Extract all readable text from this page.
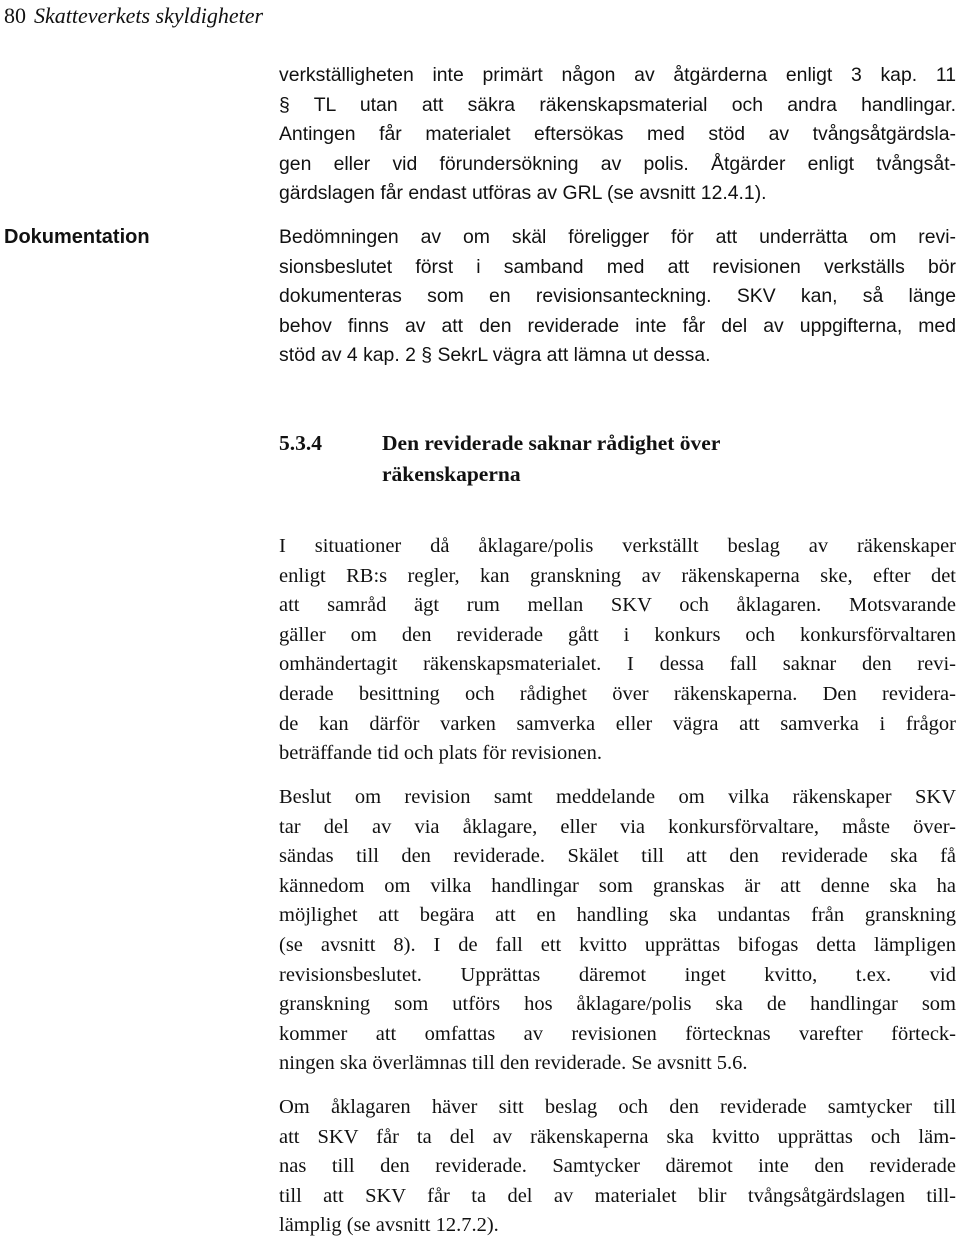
80 Skatteverkets skyldigheter
verkställigheten inte primärt någon av åtgärderna enligt 3 kap. 11
§ TL utan att säkra räkenskapsmaterial och andra handlingar.
Antingen får materialet eftersökas med stöd av tvångsåtgärdsla-
gen eller vid förundersökning av polis. Åtgärder enligt tvångsåt-
gärdslagen får endast utföras av GRL (se avsnitt 12.4.1).
Dokumentation	Bedömningen av om skäl föreligger för att underrätta om revi-
sionsbeslutet först i samband med att revisionen verkställs bör
dokumenteras som en revisionsanteckning. SKV kan, så länge
behov finns av att den reviderade inte får del av uppgifterna, med
stöd av 4 kap. 2 § SekrL vägra att lämna ut dessa.
5.3.4	Den reviderade saknar rådighet över
räkenskaperna
I situationer då åklagare/polis verkställt beslag av räkenskaper
enligt RB:s regler, kan granskning av räkenskaperna ske, efter det
att samråd ägt rum mellan SKV och åklagaren. Motsvarande
gäller om den reviderade gått i konkurs och konkursförvaltaren
omhändertagit räkenskapsmaterialet. I dessa fall saknar den revi-
derade besittning och rådighet över räkenskaperna. Den revidera-
de kan därför varken samverka eller vägra att samverka i frågor
beträffande tid och plats för revisionen.
Beslut om revision samt meddelande om vilka räkenskaper SKV
tar del av via åklagare, eller via konkursförvaltare, måste över-
sändas till den reviderade. Skälet till att den reviderade ska få
kännedom om vilka handlingar som granskas är att denne ska ha
möjlighet att begära att en handling ska undantas från granskning
(se avsnitt 8). I de fall ett kvitto upprättas bifogas detta lämpligen
revisionsbeslutet. Upprättas däremot inget kvitto, t.ex. vid
granskning som utförs hos åklagare/polis ska de handlingar som
kommer att omfattas av revisionen förtecknas varefter förteck-
ningen ska överlämnas till den reviderade. Se avsnitt 5.6.
Om åklagaren häver sitt beslag och den reviderade samtycker till
att SKV får ta del av räkenskaperna ska kvitto upprättas och läm-
nas till den reviderade. Samtycker däremot inte den reviderade
till att SKV får ta del av materialet blir tvångsåtgärdslagen till-
lämplig (se avsnitt 12.7.2).
